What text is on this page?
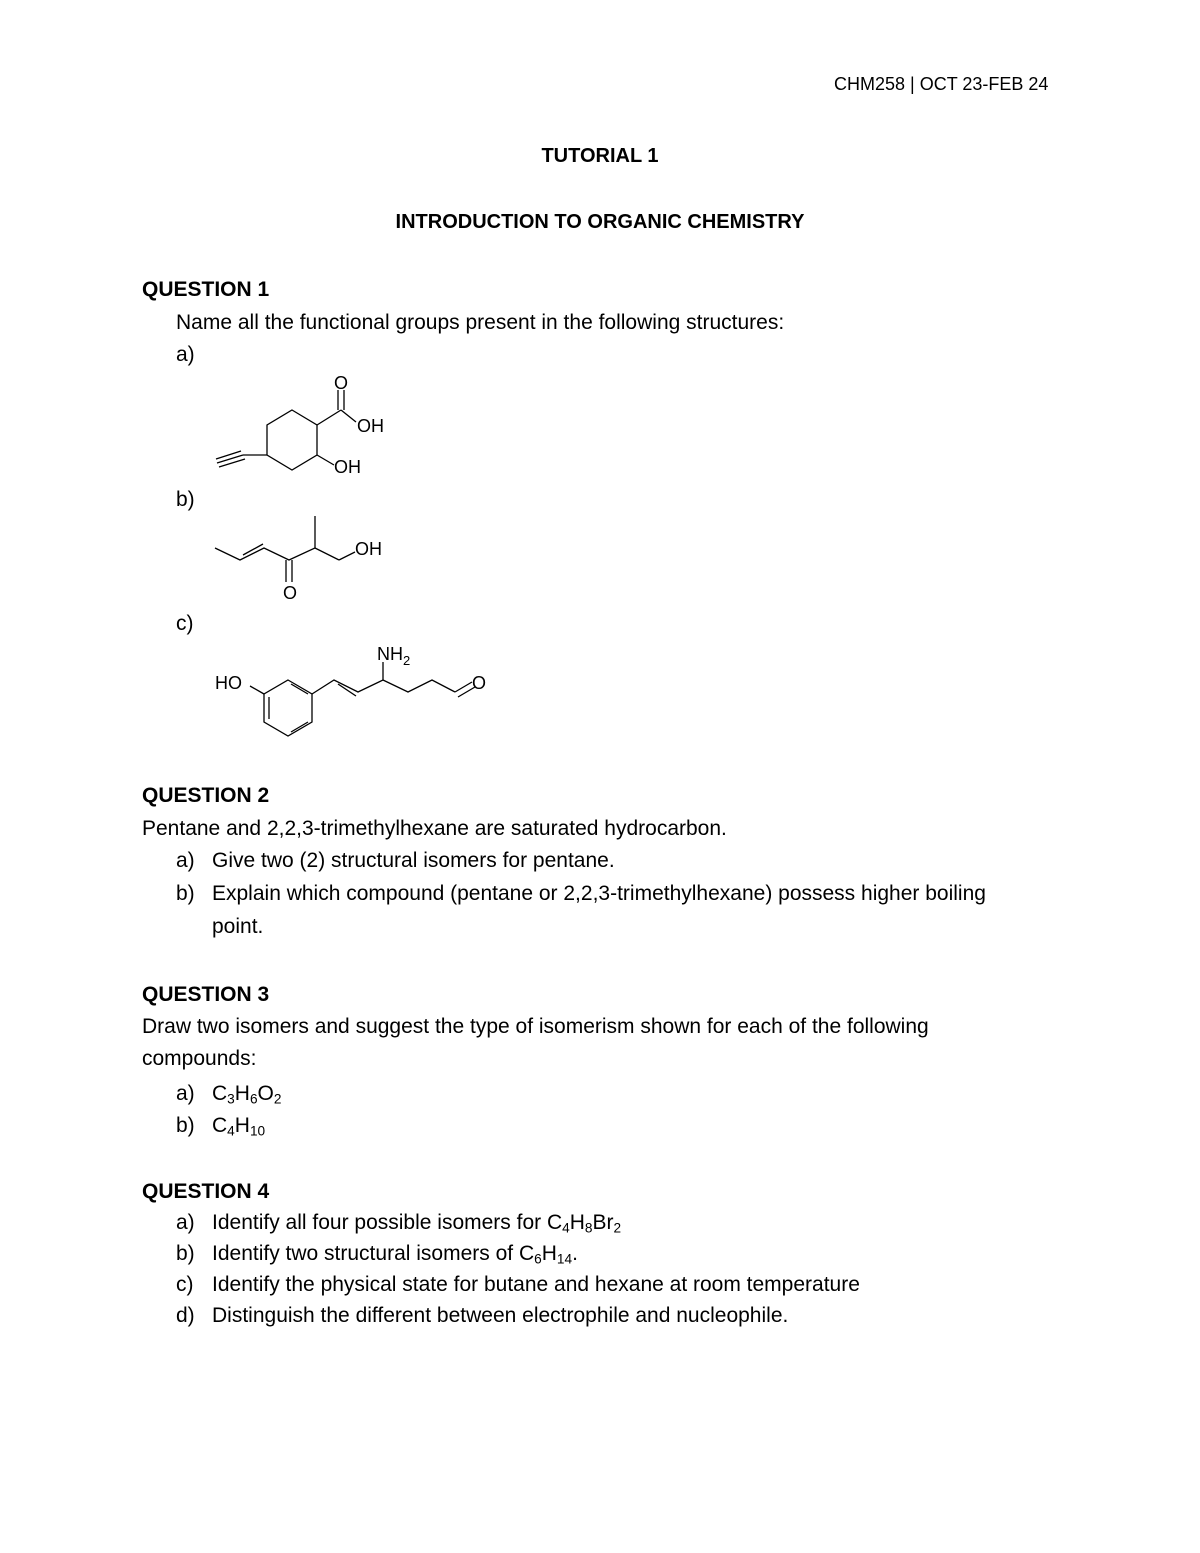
CHM258 | OCT 23-FEB 24
TUTORIAL 1
INTRODUCTION TO ORGANIC CHEMISTRY
QUESTION 1
Name all the functional groups present in the following structures:
a)
O
OH
OH
b)
OH
O
c)
HO
$NH_2$
O
QUESTION 2
Pentane and 2,2,3-trimethylhexane are saturated hydrocarbon.
a) Give two (2) structural isomers for pentane.
b) Explain which compound (pentane or 2,2,3-trimethylhexane) possess higher boiling
point.
QUESTION 3
Draw two isomers and suggest the type of isomerism shown for each of the following
compounds:
a) $C_3H_6O_2$
b) $C_4H_{10}$
QUESTION 4
a) Identify all four possible isomers for $C_4H_8Br_2$
b) Identify two structural isomers of $C_6H_{14}$.
c) Identify the physical state for butane and hexane at room temperature
d) Distinguish the different between electrophile and nucleophile.
